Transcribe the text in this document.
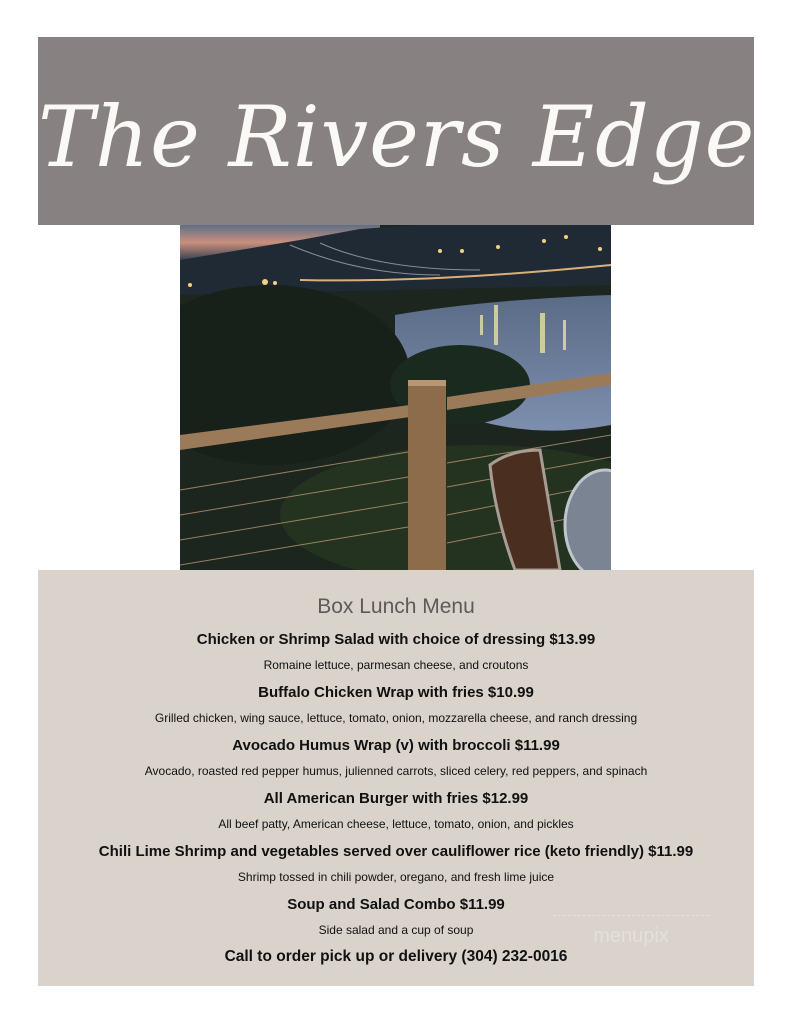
The Rivers Edge
Box Lunch Menu
Chicken or Shrimp Salad with choice of dressing $13.99
Romaine lettuce, parmesan cheese, and croutons
Buffalo Chicken Wrap with fries $10.99
Grilled chicken, wing sauce, lettuce, tomato, onion, mozzarella cheese, and ranch dressing
Avocado Humus Wrap (v) with broccoli $11.99
Avocado, roasted red pepper humus, julienned carrots, sliced celery, red peppers, and spinach
All American Burger with fries $12.99
All beef patty, American cheese, lettuce, tomato, onion, and pickles
Chili Lime Shrimp and vegetables served over cauliflower rice (keto friendly) $11.99
Shrimp tossed in chili powder, oregano, and fresh lime juice
Soup and Salad Combo $11.99
Side salad and a cup of soup	menupix
Call to order pick up or delivery (304) 232-0016
